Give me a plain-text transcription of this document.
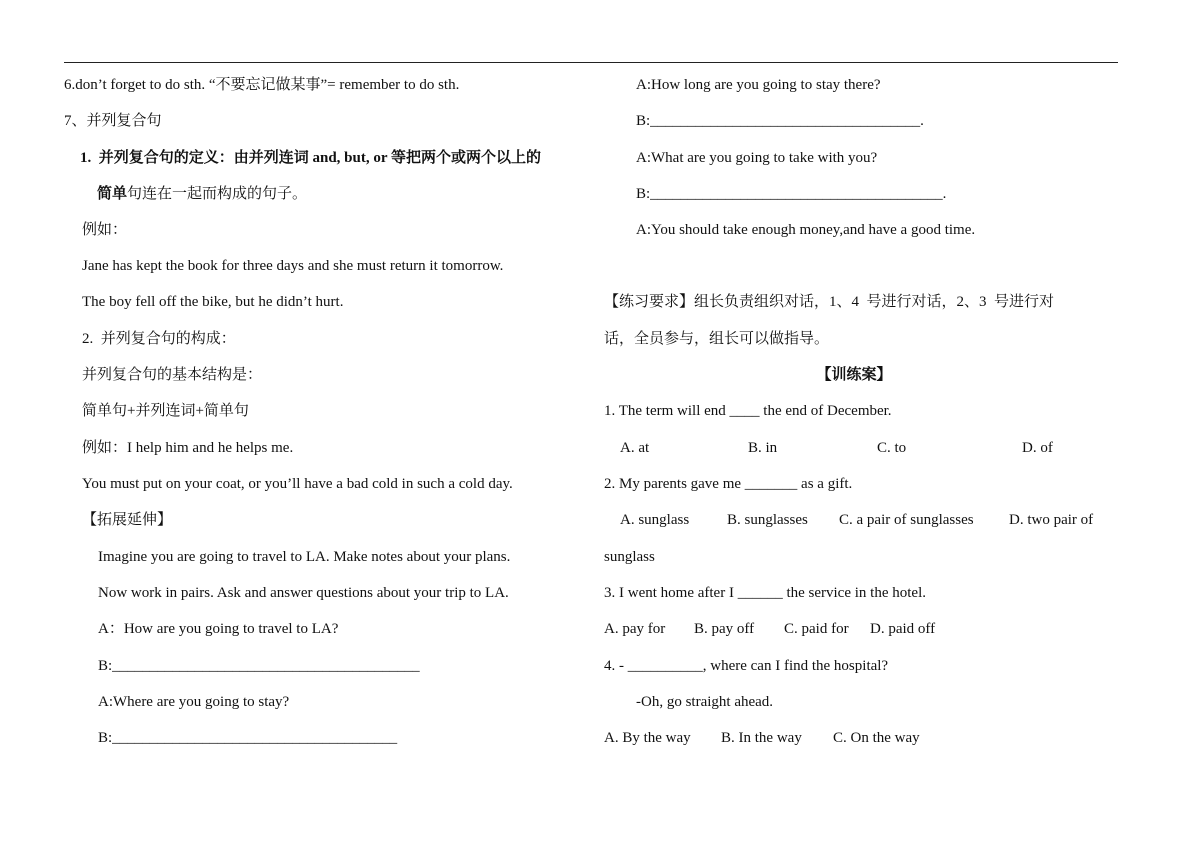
6.don’t forget to do sth. “不要忘记做某事”= remember to do sth.
7、并列复合句
1.  并列复合句的定义：由并列连词 and, but, or 等把两个或两个以上的
简单句连在一起而构成的句子。
例如：
Jane has kept the book for three days and she must return it tomorrow.
The boy fell off the bike, but he didn’t hurt.
2.  并列复合句的构成：
并列复合句的基本结构是：
简单句+并列连词+简单句
例如：I help him and he helps me.
You must put on your coat, or you’ll have a bad cold in such a cold day.
【拓展延伸】
Imagine you are going to travel to LA. Make notes about your plans.
Now work in pairs. Ask and answer questions about your trip to LA.
A：How are you going to travel to LA?
B:_________________________________________
A:Where are you going to stay?
B:______________________________________
A:How long are you going to stay there?
B:____________________________________.
A:What are you going to take with you?
B:_______________________________________.
A:You should take enough money,and have a good time.
【练习要求】组长负责组织对话，1、4  号进行对话，2、3  号进行对
话，全员参与，组长可以做指导。
【训练案】
1. The term will end ____ the end of December.
A. at	B. in	C. to	D. of
2. My parents gave me _______ as a gift.
A. sunglass	B. sunglasses C. a pair of sunglasses D. two pair of
sunglass
3. I went home after I ______ the service in the hotel.
A. pay for B. pay off C. paid for D. paid off
4. - __________, where can I find the hospital?
-Oh, go straight ahead.
A. By the way B. In the way C. On the way
